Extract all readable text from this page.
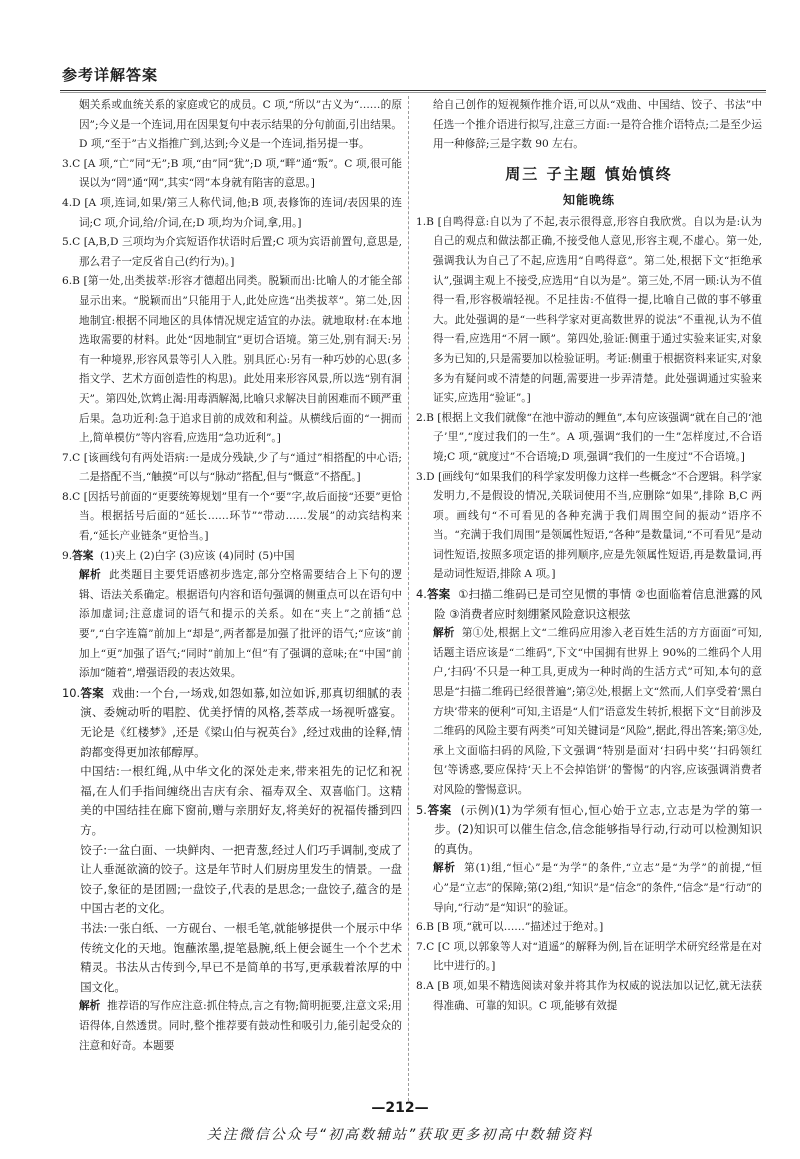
参考详解答案

姻关系或血统关系的家庭或它的成员。C 项,“所以”古义为“……的原因”;今义是一个连词,用在因果复句中表示结果的分句前面,引出结果。D 项,“至于”古义指推广到,达到;今义是一个连词,指另提一事。

3.C [A 项,“亡”同“无”;B 项,“由”同“犹”;D 项,“畔”通“叛”。C 项,很可能误以为“罔”通“网”,其实“罔”本身就有陷害的意思。]

4.D [A 项,连词,如果/第三人称代词,他;B 项,表修饰的连词/表因果的连词;C 项,介词,给/介词,在;D 项,均为介词,拿,用。]

5.C [A,B,D 三项均为介宾短语作状语时后置;C 项为宾语前置句,意思是,那么君子一定反省自己(约行为)。]

6.B [第一处,出类拔萃:形容才德超出同类。脱颖而出:比喻人的才能全部显示出来。“脱颖而出”只能用于人,此处应选“出类拔萃”。第二处,因地制宜:根据不同地区的具体情况规定适宜的办法。就地取材:在本地选取需要的材料。此处“因地制宜”更切合语境。第三处,别有洞天:另有一种境界,形容风景等引人入胜。别具匠心:另有一种巧妙的心思(多指文学、艺术方面创造性的构思)。此处用来形容风景,所以选“别有洞天”。第四处,饮鸩止渴:用毒酒解渴,比喻只求解决目前困难而不顾严重后果。急功近利:急于追求目前的成效和利益。从横线后面的“一拥而上,简单模仿”等内容看,应选用“急功近利”。]

7.C [该画线句有两处语病:一是成分残缺,少了与“通过”相搭配的中心语;二是搭配不当,“触摸”可以与“脉动”搭配,但与“慨意”不搭配。]

8.C [因括号前面的“更要统筹规划”里有一个“要”字,故后面接“还要”更恰当。根据括号后面的“延长……环节”“带动……发展”的动宾结构来看,“延长产业链条”更恰当。]

9.答案 (1)夹上 (2)白字 (3)应该 (4)同时 (5)中国

解析 此类题目主要凭语感初步选定,部分空格需要结合上下句的逻辑、语法关系确定。根据语句内容和语句强调的侧重点可以在语句中添加虚词;注意虚词的语气和提示的关系。如在“夹上”之前插“总要”,“白字连篇”前加上“却是”,两者都是加强了批评的语气;“应该”前加上“更”加强了语气;“同时”前加上“但”有了强调的意味;在“中国”前添加“随着”,增强语段的表达效果。

10.答案 戏曲:一个台,一场戏,如怨如慕,如泣如诉,那真切细腻的表演、委婉动听的唱腔、优美抒情的风格,荟萃成一场视听盛宴。无论是《红楼梦》,还是《梁山伯与祝英台》,经过戏曲的诠释,情韵都变得更加浓郁醇厚。

中国结:一根红绳,从中华文化的深处走来,带来祖先的记忆和祝福,在人们手指间缠绕出吉庆有余、福寿双全、双喜临门。这精美的中国结挂在廊下窗前,赠与亲朋好友,将美好的祝福传播到四方。

饺子:一盆白面、一块鲜肉、一把青葱,经过人们巧手调制,变成了让人垂涎欲滴的饺子。这是年节时人们厨房里发生的情景。一盘饺子,象征的是团圆;一盘饺子,代表的是思念;一盘饺子,蕴含的是中国古老的文化。

书法:一张白纸、一方砚台、一根毛笔,就能够提供一个展示中华传统文化的天地。饱蘸浓墨,提笔悬腕,纸上便会诞生一个个艺术精灵。书法从古传到今,早已不是简单的书写,更承载着浓厚的中国文化。

解析 推荐语的写作应注意:抓住特点,言之有物;简明扼要,注意文采;用语得体,自然透贯。同时,整个推荐要有鼓动性和吸引力,能引起受众的注意和好奇。本题要

给自己创作的短视频作推介语,可以从“戏曲、中国结、饺子、书法”中任选一个推介语进行拟写,注意三方面:一是符合推介语特点;二是至少运用一种修辞;三是字数 90 左右。

周三 子主题 慎始慎终
知能晚练

1.B [自鸣得意:自以为了不起,表示很得意,形容自我欣赏。自以为是:认为自己的观点和做法都正确,不接受他人意见,形容主观,不虚心。第一处,强调我认为自己了不起,应选用“自鸣得意”。第二处,根据下文“拒绝承认”,强调主观上不接受,应选用“自以为是”。第三处,不屑一顾:认为不值得一看,形容极端轻视。不足挂齿:不值得一提,比喻自己做的事不够重大。此处强调的是“一些科学家对更高数世界的说法”不重视,认为不值得一看,应选用“不屑一顾”。第四处,验证:侧重于通过实验来证实,对象多为已知的,只是需要加以检验证明。考证:侧重于根据资料来证实,对象多为有疑问或不清楚的问题,需要进一步弄清楚。此处强调通过实验来证实,应选用“验证”。]

2.B [根据上文我们就像“在池中游动的鲤鱼”,本句应该强调“就在自己的‘池子’里”,“度过我们的一生”。A 项,强调“我们的一生”怎样度过,不合语境;C 项,“就度过”不合语境;D 项,强调“我们的一生度过”不合语境。]

3.D [画线句“如果我们的科学家发明像力这样一些概念”不合逻辑。科学家发明力,不是假设的情况,关联词使用不当,应删除“如果”,排除 B,C 两项。画线句“不可看见的各种充满于我们周围空间的振动”语序不当。“充满于我们周围”是领属性短语,“各种”是数量词,“不可看见”是动词性短语,按照多项定语的排列顺序,应是先领属性短语,再是数量词,再是动词性短语,排除 A 项。]

4.答案 ①扫描二维码已是司空见惯的事情 ②也面临着信息泄露的风险 ③消费者应时刻绷紧风险意识这根弦

解析 第①处,根据上文“二维码应用渗入老百姓生活的方方面面”可知,话题主语应该是“二维码”,下文“中国拥有世界上 90%的二维码个人用户,‘扫码’不只是一种工具,更成为一种时尚的生活方式”可知,本句的意思是“扫描二维码已经很普遍”;第②处,根据上文“然而,人们享受着‘黑白方块’带来的便利”可知,主语是“人们”语意发生转折,根据下文“目前涉及二维码的风险主要有两类”可知关键词是“风险”,据此,得出答案;第③处,承上文面临扫码的风险,下文强调“特别是面对‘扫码中奖’‘扫码领红包’等诱惑,要应保持‘天上不会掉馅饼’的警惕”的内容,应该强调消费者对风险的警惕意识。

5.答案 (示例)(1)为学须有恒心,恒心始于立志,立志是为学的第一步。(2)知识可以催生信念,信念能够指导行动,行动可以检测知识的真伪。

解析 第(1)组,“恒心”是“为学”的条件,“立志”是“为学”的前提,“恒心”是“立志”的保障;第(2)组,“知识”是“信念”的条件,“信念”是“行动”的导向,“行动”是“知识”的验证。

6.B [B 项,“就可以……”描述过于绝对。]

7.C [C 项,以郭象等人对“逍遥”的解释为例,旨在证明学术研究经常是在对比中进行的。]

8.A [B 项,如果不精选阅读对象并将其作为权威的说法加以记忆,就无法获得准确、可靠的知识。C 项,能够有效提

—212—
关注微信公众号“初高数辅站”获取更多初高中数辅资料
